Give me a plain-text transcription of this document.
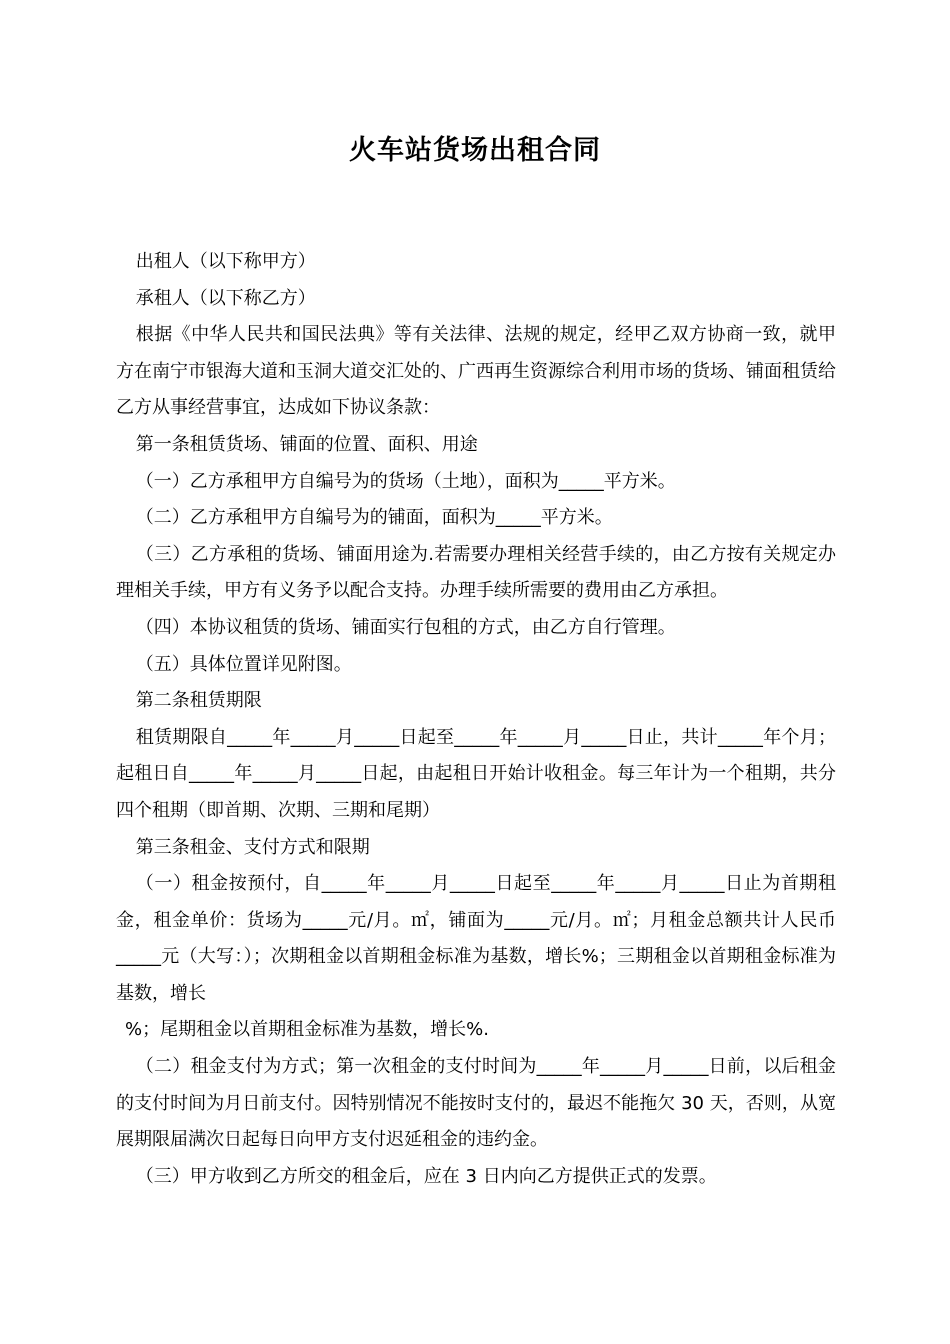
火车站货场出租合同

出租人（以下称甲方）

承租人（以下称乙方）

根据《中华人民共和国民法典》等有关法律、法规的规定，经甲乙双方协商一致，就甲方在南宁市银海大道和玉洞大道交汇处的、广西再生资源综合利用市场的货场、铺面租赁给乙方从事经营事宜，达成如下协议条款：

第一条租赁货场、铺面的位置、面积、用途

（一）乙方承租甲方自编号为的货场（土地），面积为_____平方米。

（二）乙方承租甲方自编号为的铺面，面积为_____平方米。

（三）乙方承租的货场、铺面用途为.若需要办理相关经营手续的，由乙方按有关规定办理相关手续，甲方有义务予以配合支持。办理手续所需要的费用由乙方承担。

（四）本协议租赁的货场、铺面实行包租的方式，由乙方自行管理。

（五）具体位置详见附图。

第二条租赁期限

租赁期限自_____年_____月_____日起至_____年_____月_____日止，共计_____年个月；起租日自_____年_____月_____日起，由起租日开始计收租金。每三年计为一个租期，共分四个租期（即首期、次期、三期和尾期）

第三条租金、支付方式和限期

（一）租金按预付，自_____年_____月_____日起至_____年_____月_____日止为首期租金，租金单价：货场为_____元/月。㎡，铺面为_____元/月。㎡；月租金总额共计人民币_____元（大写：）；次期租金以首期租金标准为基数，增长%；三期租金以首期租金标准为基数，增长

%；尾期租金以首期租金标准为基数，增长%.

（二）租金支付为方式；第一次租金的支付时间为_____年_____月_____日前，以后租金的支付时间为月日前支付。因特别情况不能按时支付的，最迟不能拖欠 30 天，否则，从宽展期限届满次日起每日向甲方支付迟延租金的违约金。

（三）甲方收到乙方所交的租金后，应在 3 日内向乙方提供正式的发票。
